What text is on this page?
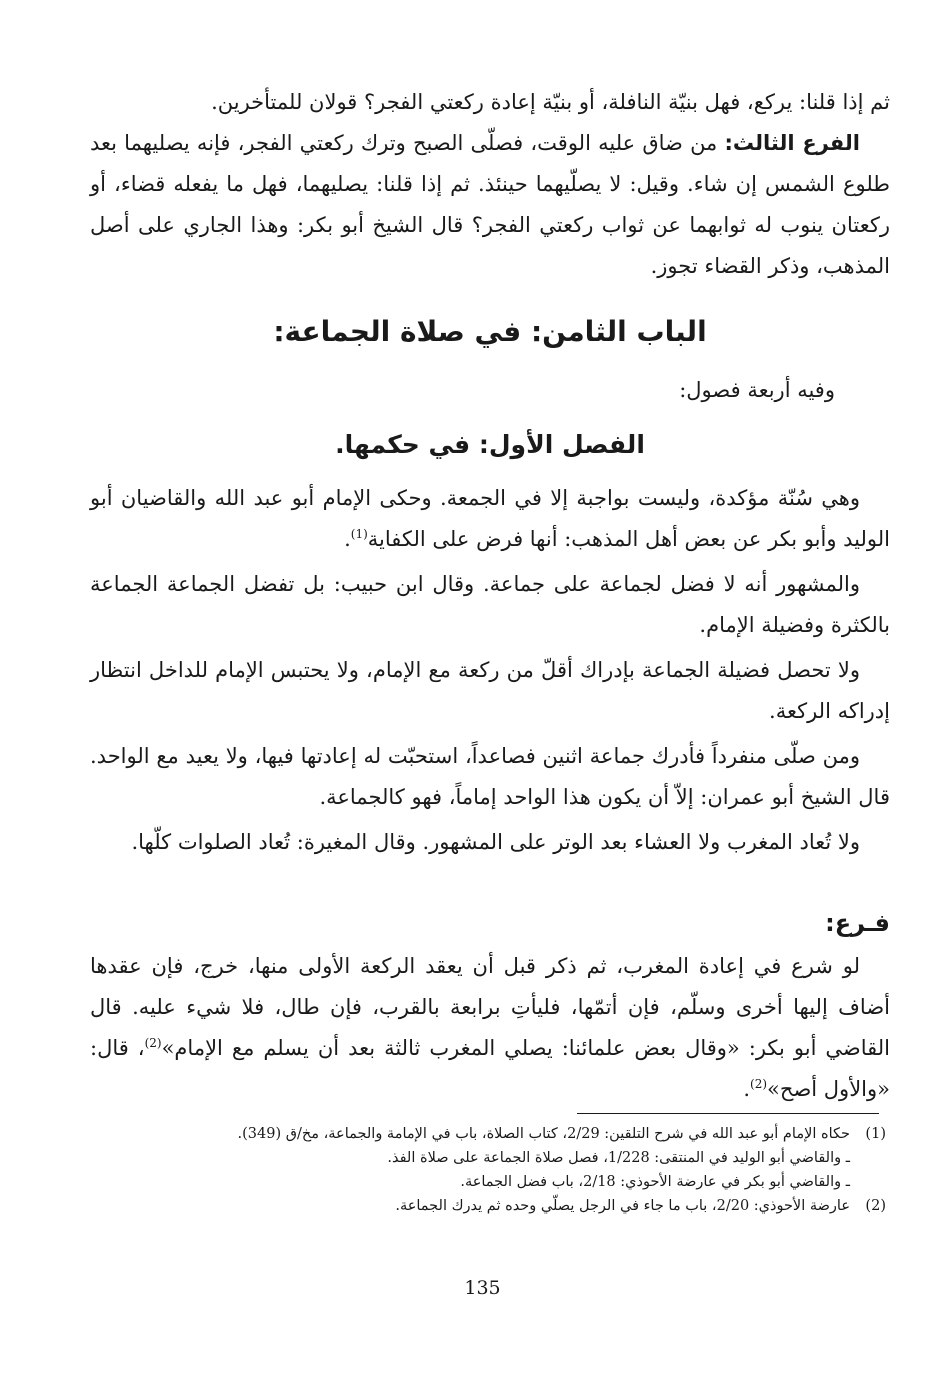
ثم إذا قلنا: يركع، فهل بنيّة النافلة، أو بنيّة إعادة ركعتي الفجر؟ قولان للمتأخرين.

الفرع الثالث: من ضاق عليه الوقت، فصلّى الصبح وترك ركعتي الفجر، فإنه يصليهما بعد طلوع الشمس إن شاء. وقيل: لا يصلّيهما حينئذ. ثم إذا قلنا: يصليهما، فهل ما يفعله قضاء، أو ركعتان ينوب له ثوابهما عن ثواب ركعتي الفجر؟ قال الشيخ أبو بكر: وهذا الجاري على أصل المذهب، وذكر القضاء تجوز.

الباب الثامن: في صلاة الجماعة:
وفيه أربعة فصول:
الفصل الأول: في حكمها.

وهي سُنّة مؤكدة، وليست بواجبة إلا في الجمعة. وحكى الإمام أبو عبد الله والقاضيان أبو الوليد وأبو بكر عن بعض أهل المذهب: أنها فرض على الكفاية$^{(1)}$.

والمشهور أنه لا فضل لجماعة على جماعة. وقال ابن حبيب: بل تفضل الجماعة الجماعة بالكثرة وفضيلة الإمام.

ولا تحصل فضيلة الجماعة بإدراك أقلّ من ركعة مع الإمام، ولا يحتبس الإمام للداخل انتظار إدراكه الركعة.

ومن صلّى منفرداً فأدرك جماعة اثنين فصاعداً، استحبّت له إعادتها فيها، ولا يعيد مع الواحد. قال الشيخ أبو عمران: إلاّ أن يكون هذا الواحد إماماً، فهو كالجماعة.

ولا تُعاد المغرب ولا العشاء بعد الوتر على المشهور. وقال المغيرة: تُعاد الصلوات كلّها.

فـرع:

لو شرع في إعادة المغرب، ثم ذكر قبل أن يعقد الركعة الأولى منها، خرج، فإن عقدها أضاف إليها أخرى وسلّم، فإن أتمّها، فليأتِ برابعة بالقرب، فإن طال، فلا شيء عليه. قال القاضي أبو بكر: «وقال بعض علمائنا: يصلي المغرب ثالثة بعد أن يسلم مع الإمام»$^{(2)}$، قال: «والأول أصح»$^{(2)}$.

(1)
حكاه الإمام أبو عبد الله في شرح التلقين: 2/29، كتاب الصلاة، باب في الإمامة والجماعة، مخ/ق (349).
ـ والقاضي أبو الوليد في المنتقى: 1/228، فصل صلاة الجماعة على صلاة الفذ.
ـ والقاضي أبو بكر في عارضة الأحوذي: 2/18، باب فضل الجماعة.
(2)
عارضة الأحوذي: 2/20، باب ما جاء في الرجل يصلّي وحده ثم يدرك الجماعة.
135
